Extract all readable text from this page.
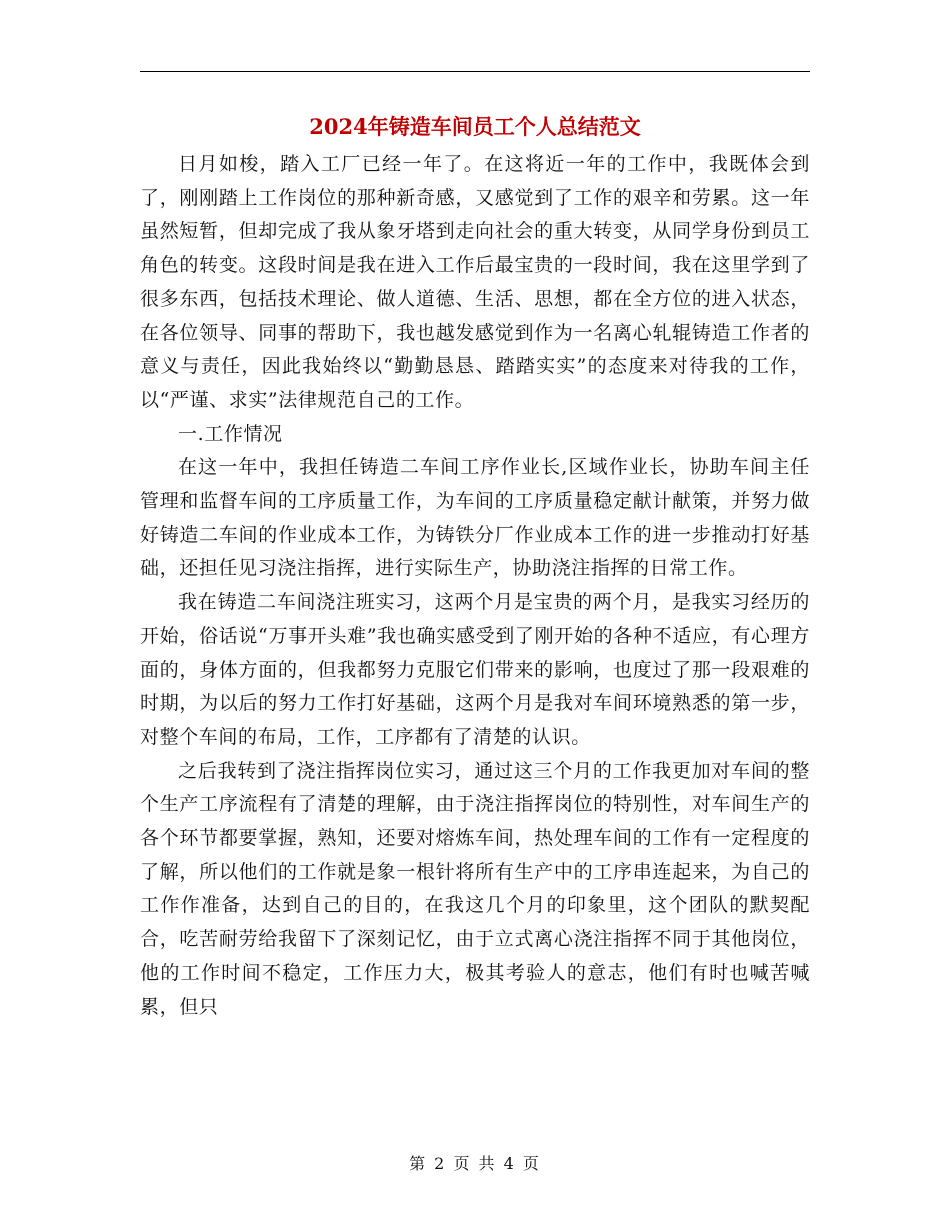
2024年铸造车间员工个人总结范文

日月如梭，踏入工厂已经一年了。在这将近一年的工作中，我既体会到了，刚刚踏上工作岗位的那种新奇感，又感觉到了工作的艰辛和劳累。这一年虽然短暂，但却完成了我从象牙塔到走向社会的重大转变，从同学身份到员工角色的转变。这段时间是我在进入工作后最宝贵的一段时间，我在这里学到了很多东西，包括技术理论、做人道德、生活、思想，都在全方位的进入状态，在各位领导、同事的帮助下，我也越发感觉到作为一名离心轧辊铸造工作者的意义与责任，因此我始终以“勤勤恳恳、踏踏实实”的态度来对待我的工作，以“严谨、求实”法律规范自己的工作。

一.工作情况

在这一年中，我担任铸造二车间工序作业长,区域作业长，协助车间主任管理和监督车间的工序质量工作，为车间的工序质量稳定献计献策，并努力做好铸造二车间的作业成本工作，为铸铁分厂作业成本工作的进一步推动打好基础，还担任见习浇注指挥，进行实际生产，协助浇注指挥的日常工作。

我在铸造二车间浇注班实习，这两个月是宝贵的两个月，是我实习经历的开始，俗话说“万事开头难”我也确实感受到了刚开始的各种不适应，有心理方面的，身体方面的，但我都努力克服它们带来的影响，也度过了那一段艰难的时期，为以后的努力工作打好基础，这两个月是我对车间环境熟悉的第一步，对整个车间的布局，工作，工序都有了清楚的认识。

之后我转到了浇注指挥岗位实习，通过这三个月的工作我更加对车间的整个生产工序流程有了清楚的理解，由于浇注指挥岗位的特别性，对车间生产的各个环节都要掌握，熟知，还要对熔炼车间，热处理车间的工作有一定程度的了解，所以他们的工作就是象一根针将所有生产中的工序串连起来，为自己的工作作准备，达到自己的目的，在我这几个月的印象里，这个团队的默契配合，吃苦耐劳给我留下了深刻记忆，由于立式离心浇注指挥不同于其他岗位，他的工作时间不稳定，工作压力大，极其考验人的意志，他们有时也喊苦喊累，但只

第 2 页 共 4 页
